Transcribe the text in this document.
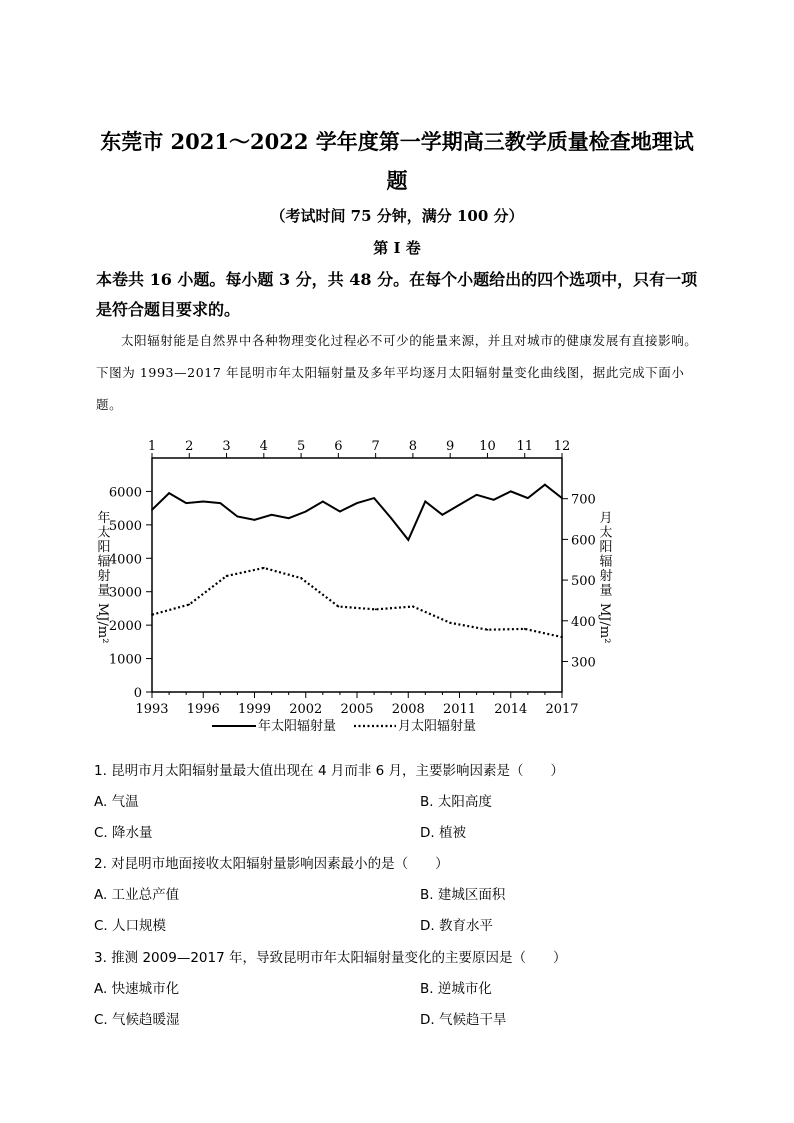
东莞市 2021～2022 学年度第一学期高三教学质量检查地理试
题
（考试时间 75 分钟，满分 100 分）
第 I 卷
本卷共 16 小题。每小题 3 分，共 48 分。在每个小题给出的四个选项中，只有一项是符合题目要求的。
太阳辐射能是自然界中各种物理变化过程必不可少的能量来源，并且对城市的健康发展有直接影响。下图为 1993—2017 年昆明市年太阳辐射量及多年平均逐月太阳辐射量变化曲线图，据此完成下面小题。
1 2 3 4 5 6 7 8 9 10 11 12
1993 1996 1999 2002 2005 2008 2011 2014 2017
0
1000
2000
3000
4000
5000
6000
300
400
500
600
700
年太阳辐射量
MJ/m²
月太阳辐射量
MJ/m²
年太阳辐射量	月太阳辐射量
1. 昆明市月太阳辐射量最大值出现在 4 月而非 6 月，主要影响因素是（　　）
A. 气温	B. 太阳高度
C. 降水量	D. 植被
2. 对昆明市地面接收太阳辐射量影响因素最小的是（　　）
A. 工业总产值	B. 建城区面积
C. 人口规模	D. 教育水平
3. 推测 2009—2017 年，导致昆明市年太阳辐射量变化的主要原因是（　　）
A. 快速城市化	B. 逆城市化
C. 气候趋暖湿	D. 气候趋干旱
